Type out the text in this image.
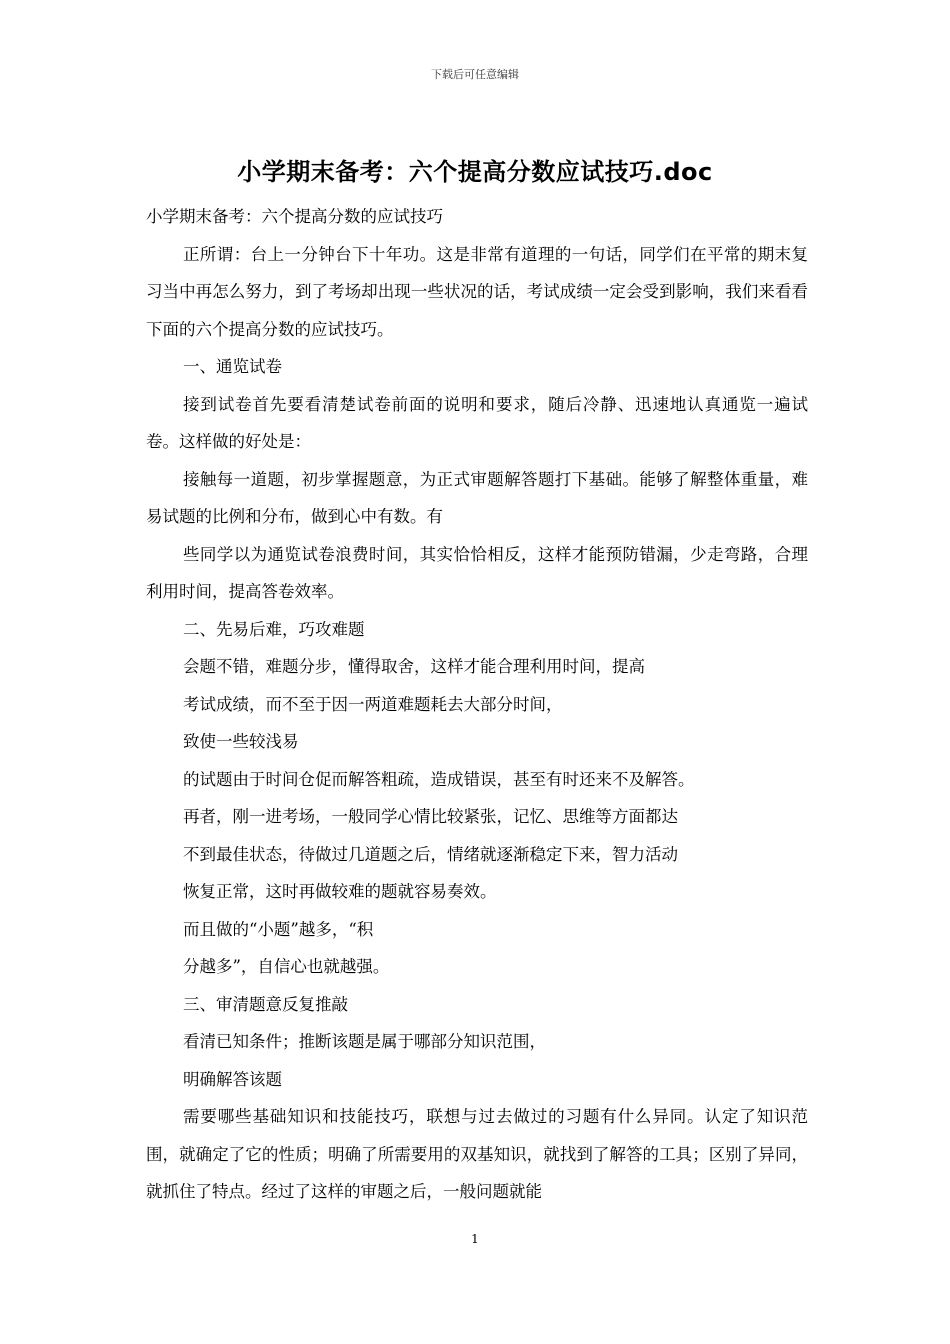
下载后可任意编辑
小学期末备考：六个提高分数应试技巧.doc

小学期末备考：六个提高分数的应试技巧

正所谓：台上一分钟台下十年功。这是非常有道理的一句话，同学们在平常的期末复习当中再怎么努力，到了考场却出现一些状况的话，考试成绩一定会受到影响，我们来看看下面的六个提高分数的应试技巧。

一、通览试卷

接到试卷首先要看清楚试卷前面的说明和要求，随后冷静、迅速地认真通览一遍试卷。这样做的好处是：

接触每一道题，初步掌握题意，为正式审题解答题打下基础。能够了解整体重量，难易试题的比例和分布，做到心中有数。有

些同学以为通览试卷浪费时间，其实恰恰相反，这样才能预防错漏，少走弯路，合理利用时间，提高答卷效率。

二、先易后难，巧攻难题

会题不错，难题分步，懂得取舍，这样才能合理利用时间，提高

考试成绩，而不至于因一两道难题耗去大部分时间，

致使一些较浅易

的试题由于时间仓促而解答粗疏，造成错误，甚至有时还来不及解答。

再者，刚一进考场，一般同学心情比较紧张，记忆、思维等方面都达

不到最佳状态，待做过几道题之后，情绪就逐渐稳定下来，智力活动

恢复正常，这时再做较难的题就容易奏效。

而且做的“小题”越多，“积

分越多”，自信心也就越强。

三、审清题意反复推敲

看清已知条件；推断该题是属于哪部分知识范围，

明确解答该题

需要哪些基础知识和技能技巧，联想与过去做过的习题有什么异同。认定了知识范围，就确定了它的性质；明确了所需要用的双基知识，就找到了解答的工具；区别了异同，就抓住了特点。经过了这样的审题之后，一般问题就能

1
